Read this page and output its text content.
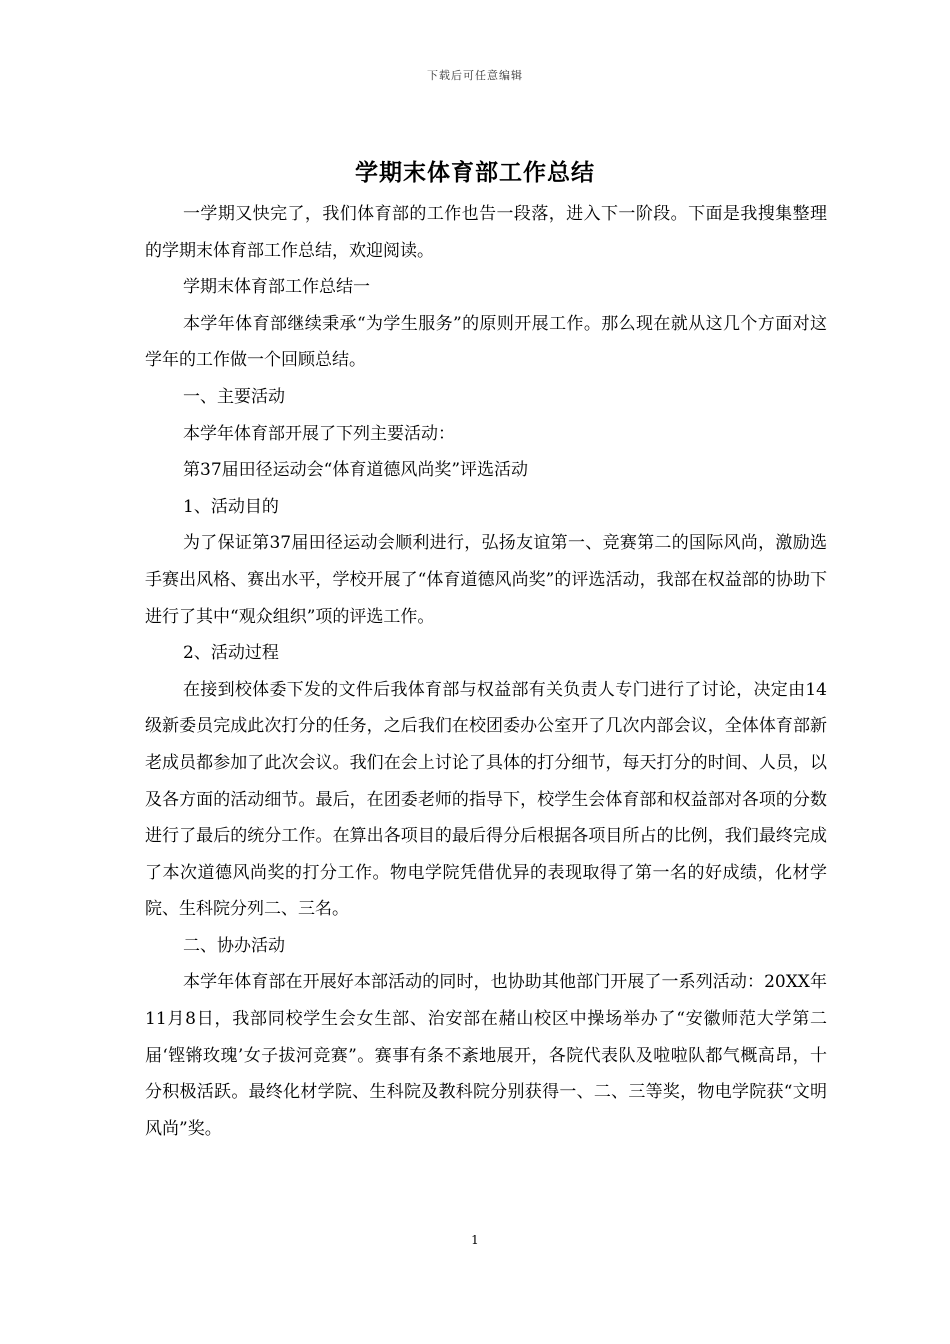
下载后可任意编辑
学期末体育部工作总结

一学期又快完了，我们体育部的工作也告一段落，进入下一阶段。下面是我搜集整理的学期末体育部工作总结，欢迎阅读。

学期末体育部工作总结一

本学年体育部继续秉承“为学生服务”的原则开展工作。那么现在就从这几个方面对这学年的工作做一个回顾总结。

一、主要活动

本学年体育部开展了下列主要活动：

第37届田径运动会“体育道德风尚奖”评选活动

1、活动目的

为了保证第37届田径运动会顺利进行，弘扬友谊第一、竞赛第二的国际风尚，激励选手赛出风格、赛出水平，学校开展了“体育道德风尚奖”的评选活动，我部在权益部的协助下进行了其中“观众组织”项的评选工作。

2、活动过程

在接到校体委下发的文件后我体育部与权益部有关负责人专门进行了讨论，决定由14级新委员完成此次打分的任务，之后我们在校团委办公室开了几次内部会议，全体体育部新老成员都参加了此次会议。我们在会上讨论了具体的打分细节，每天打分的时间、人员，以及各方面的活动细节。最后，在团委老师的指导下，校学生会体育部和权益部对各项的分数进行了最后的统分工作。在算出各项目的最后得分后根据各项目所占的比例，我们最终完成了本次道德风尚奖的打分工作。物电学院凭借优异的表现取得了第一名的好成绩，化材学院、生科院分列二、三名。

二、协办活动

本学年体育部在开展好本部活动的同时，也协助其他部门开展了一系列活动：20XX年11月8日，我部同校学生会女生部、治安部在赭山校区中操场举办了“安徽师范大学第二届‘铿锵玫瑰’女子拔河竞赛”。赛事有条不紊地展开，各院代表队及啦啦队都气概高昂，十分积极活跃。最终化材学院、生科院及教科院分别获得一、二、三等奖，物电学院获“文明风尚”奖。

1
